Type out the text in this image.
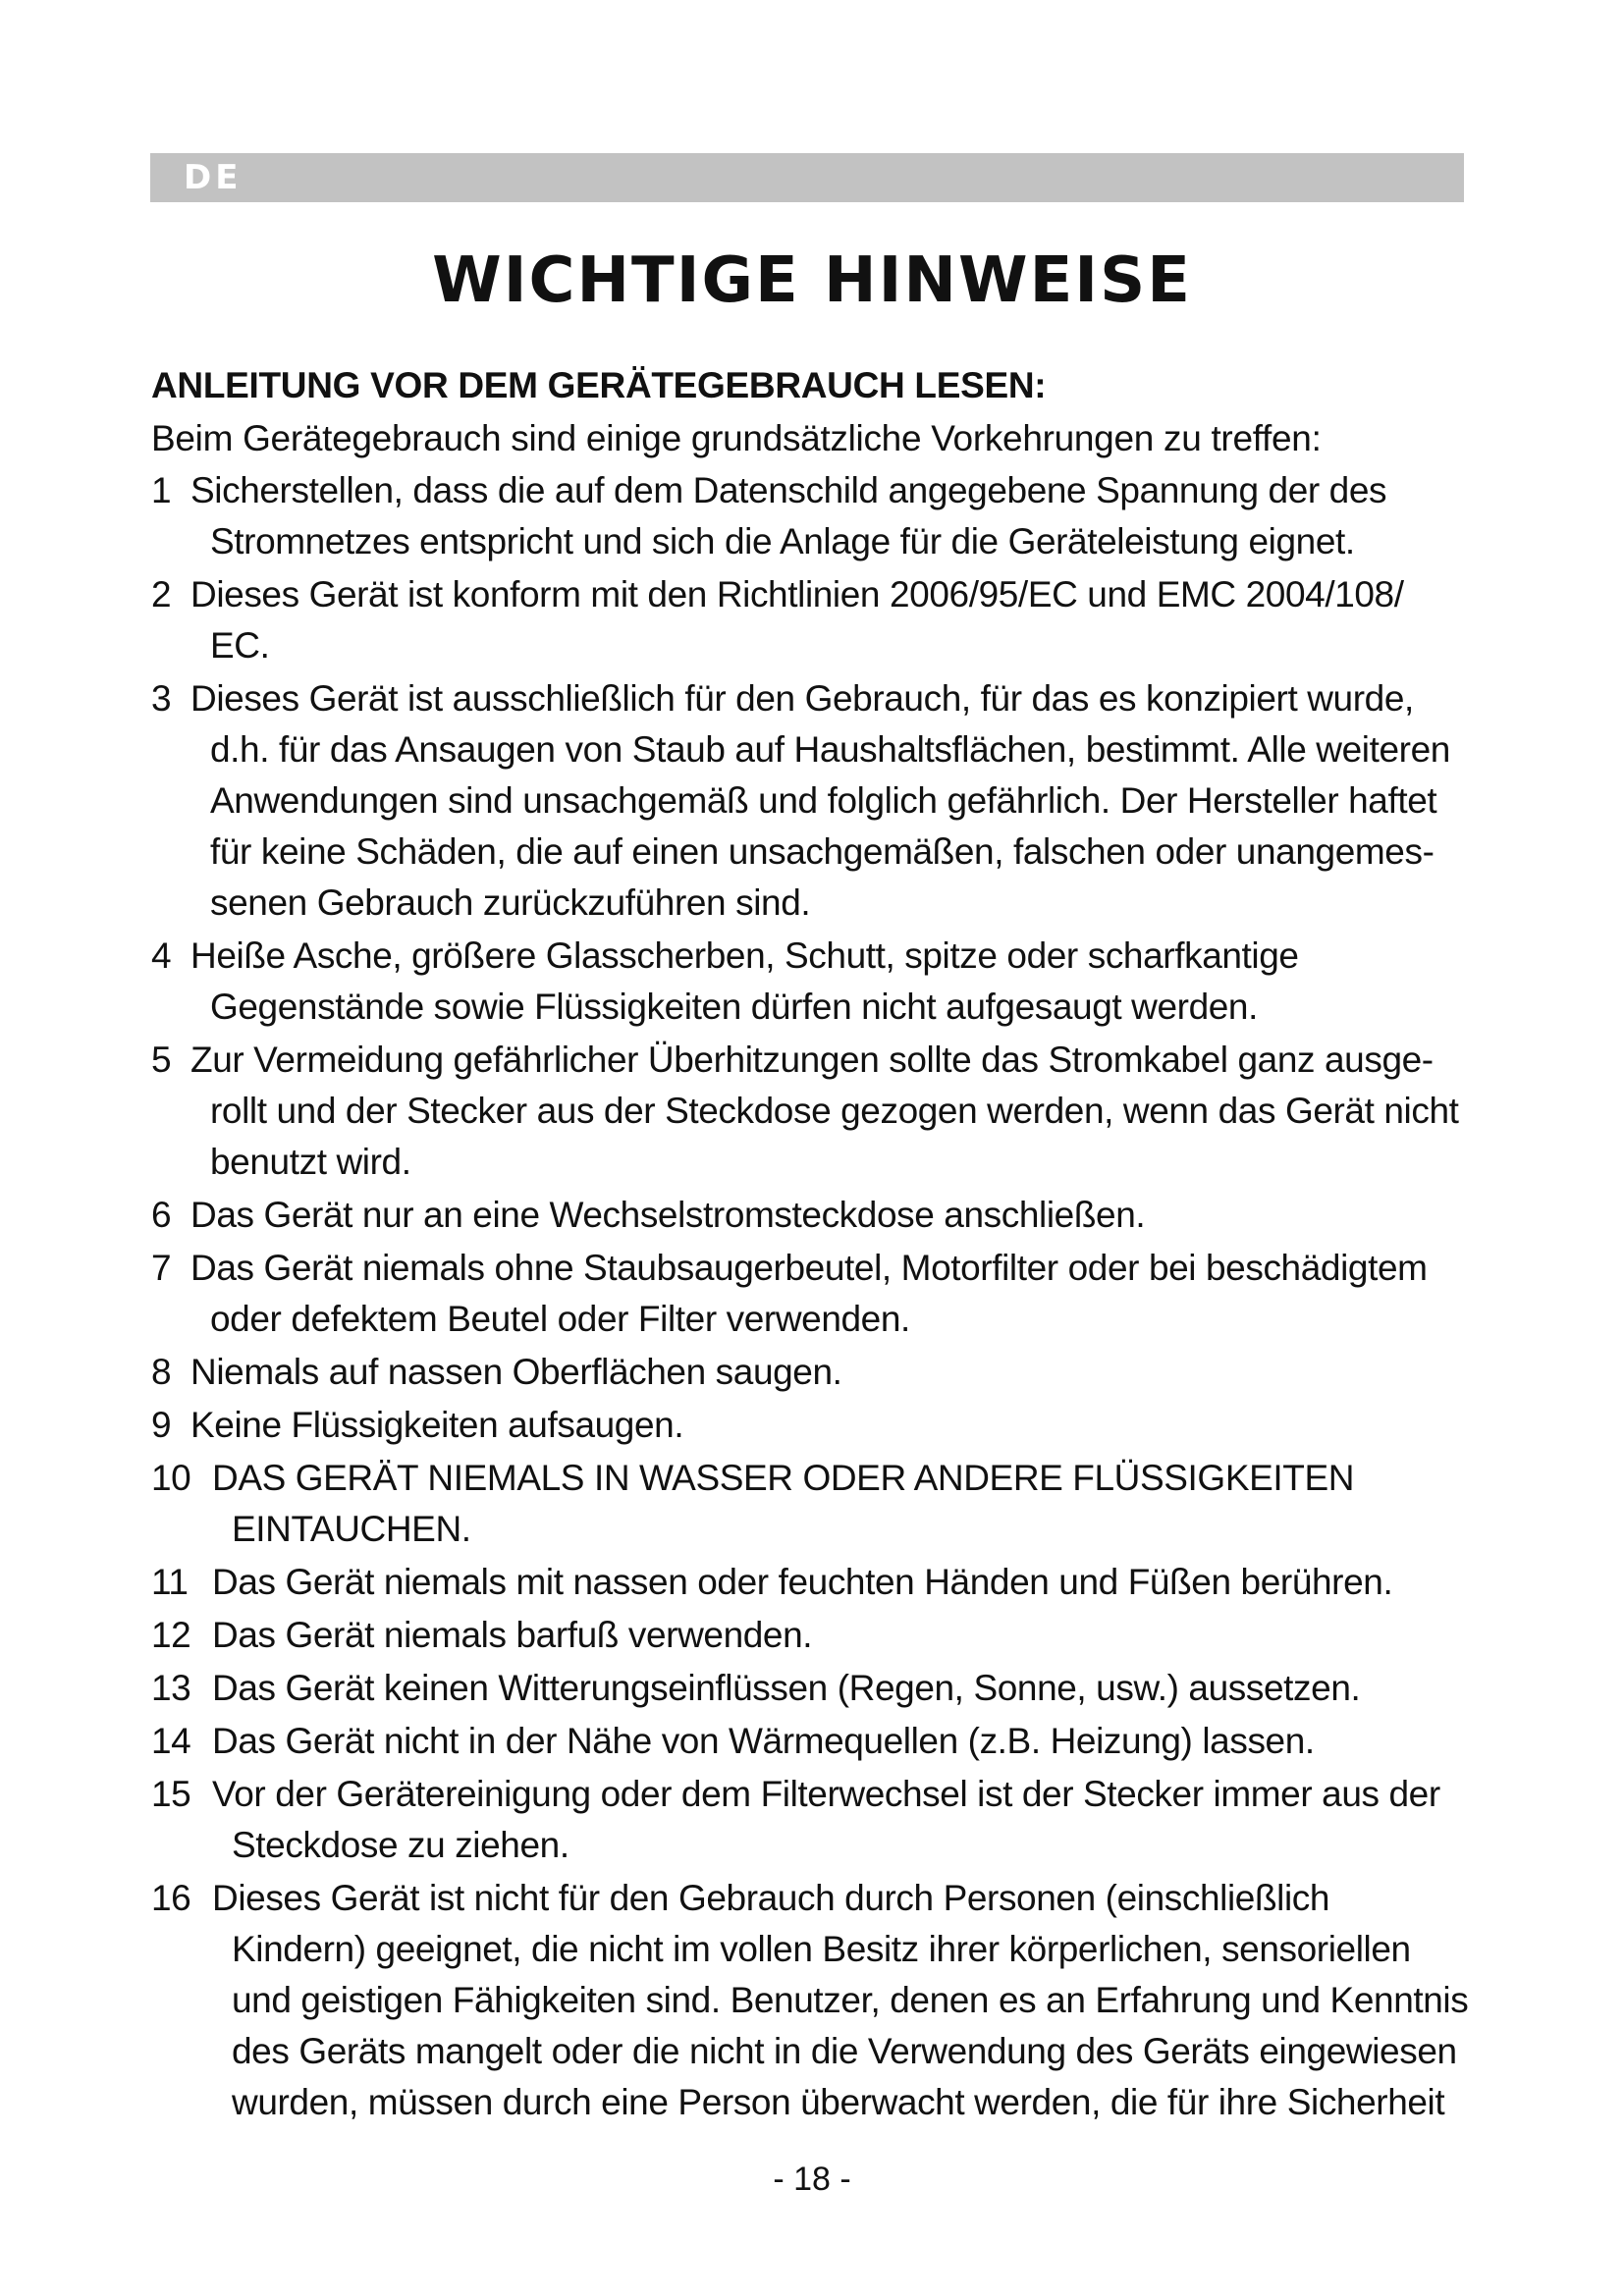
DE
WICHTIGE HINWEISE
ANLEITUNG VOR DEM GERÄTEGEBRAUCH LESEN:
Beim Gerätegebrauch sind einige grundsätzliche Vorkehrungen zu treffen:
1 Sicherstellen, dass die auf dem Datenschild angegebene Spannung der des
Stromnetzes entspricht und sich die Anlage für die Geräteleistung eignet.
2 Dieses Gerät ist konform mit den Richtlinien 2006/95/EC und EMC 2004/108/
EC.
3 Dieses Gerät ist ausschließlich für den Gebrauch, für das es konzipiert wurde,
d.h. für das Ansaugen von Staub auf Haushaltsflächen, bestimmt. Alle weiteren
Anwendungen sind unsachgemäß und folglich gefährlich. Der Hersteller haftet
für keine Schäden, die auf einen unsachgemäßen, falschen oder unangemes-
senen Gebrauch zurückzuführen sind.
4 Heiße Asche, größere Glasscherben, Schutt, spitze oder scharfkantige
Gegenstände sowie Flüssigkeiten dürfen nicht aufgesaugt werden.
5 Zur Vermeidung gefährlicher Überhitzungen sollte das Stromkabel ganz ausge-
rollt und der Stecker aus der Steckdose gezogen werden, wenn das Gerät nicht
benutzt wird.
6 Das Gerät nur an eine Wechselstromsteckdose anschließen.
7 Das Gerät niemals ohne Staubsaugerbeutel, Motorfilter oder bei beschädigtem
oder defektem Beutel oder Filter verwenden.
8 Niemals auf nassen Oberflächen saugen.
9 Keine Flüssigkeiten aufsaugen.
10 DAS GERÄT NIEMALS IN WASSER ODER ANDERE FLÜSSIGKEITEN
EINTAUCHEN.
11 Das Gerät niemals mit nassen oder feuchten Händen und Füßen berühren.
12 Das Gerät niemals barfuß verwenden.
13 Das Gerät keinen Witterungseinflüssen (Regen, Sonne, usw.) aussetzen.
14 Das Gerät nicht in der Nähe von Wärmequellen (z.B. Heizung) lassen.
15 Vor der Gerätereinigung oder dem Filterwechsel ist der Stecker immer aus der
Steckdose zu ziehen.
16 Dieses Gerät ist nicht für den Gebrauch durch Personen (einschließlich
Kindern) geeignet, die nicht im vollen Besitz ihrer körperlichen, sensoriellen
und geistigen Fähigkeiten sind. Benutzer, denen es an Erfahrung und Kenntnis
des Geräts mangelt oder die nicht in die Verwendung des Geräts eingewiesen
wurden, müssen durch eine Person überwacht werden, die für ihre Sicherheit
- 18 -
